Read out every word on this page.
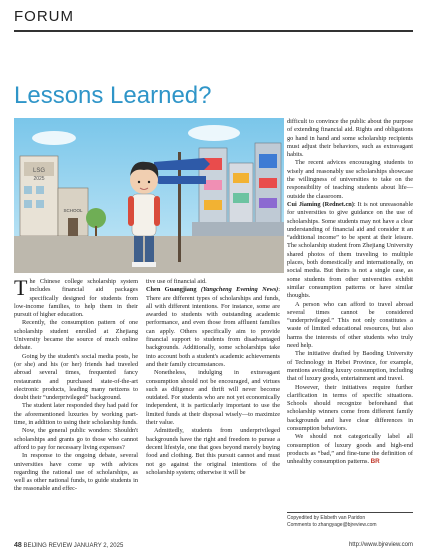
FORUM
Lessons Learned?
LSG
2025
SCHOOL

The Chinese college scholarship system includes financial aid packages specifically designed for students from low-income families, to help them in their pursuit of higher education.

Recently, the consumption pattern of one scholarship student enrolled at Zhejiang University became the source of much online debate.

Going by the student's social media posts, he (or she) and his (or her) friends had traveled abroad several times, frequented fancy restaurants and purchased state-of-the-art electronic products, leading many netizens to doubt their “underprivileged” background.

The student later responded they had paid for the aforementioned luxuries by working part-time, in addition to using their scholarship funds.

Now, the general public wonders: Shouldn't scholarships and grants go to those who cannot afford to pay for necessary living expenses?

In response to the ongoing debate, several universities have come up with advices regarding the rational use of scholarships, as well as other national funds, to guide students in the reasonable and effec-

tive use of financial aid.

Chen Guangjiang (Yangcheng Evening News): There are different types of scholarships and funds, all with different intentions. For instance, some are awarded to students with outstanding academic performance, and even those from affluent families can apply. Others specifically aim to provide financial support to students from disadvantaged backgrounds. Additionally, some scholarships take into account both a student's academic achievements and their family circumstances.

Nonetheless, indulging in extravagant consumption should not be encouraged, and virtues such as diligence and thrift will never become outdated. For students who are not yet economically independent, it is particularly important to use the limited funds at their disposal wisely—to maximize their value.

Admittedly, students from underprivileged backgrounds have the right and freedom to pursue a decent lifestyle, one that goes beyond merely buying food and clothing. But this pursuit cannot and must not go against the original intentions of the scholarship system; otherwise it will be

difficult to convince the public about the purpose of extending financial aid. Rights and obligations go hand in hand and some scholarship recipients must adjust their behaviors, such as extravagant habits.

The recent advices encouraging students to wisely and reasonably use scholarships showcase the willingness of universities to take on the responsibility of teaching students about life—outside the classroom.

Cui Jiaming (Rednet.cn): It is not unreasonable for universities to give guidance on the use of scholarships. Some students may not have a clear understanding of financial aid and consider it an “additional income” to be spent at their leisure. The scholarship student from Zhejiang University shared photos of them traveling to multiple places, both domestically and internationally, on social media. But theirs is not a single case, as some students from other universities exhibit similar consumption patterns or have similar thoughts.

A person who can afford to travel abroad several times cannot be considered “underprivileged.” This not only constitutes a waste of limited educational resources, but also harms the interests of other students who truly need help.

The initiative drafted by Baoding University of Technology in Hebei Province, for example, mentions avoiding luxury consumption, including that of luxury goods, entertainment and travel.

However, their initiatives require further clarification in terms of specific situations. Schools should recognize beforehand that scholarship winners come from different family backgrounds and have clear differences in consumption behaviors.

We should not categorically label all consumption of luxury goods and high-end products as “bad,” and fine-tune the definition of unhealthy consumption patterns. BR

Copyedited by Elsbeth van Paridon
Comments to zhangyage@bjreview.com
48 BEIJING REVIEW JANUARY 2, 2025	http://www.bjreview.com
